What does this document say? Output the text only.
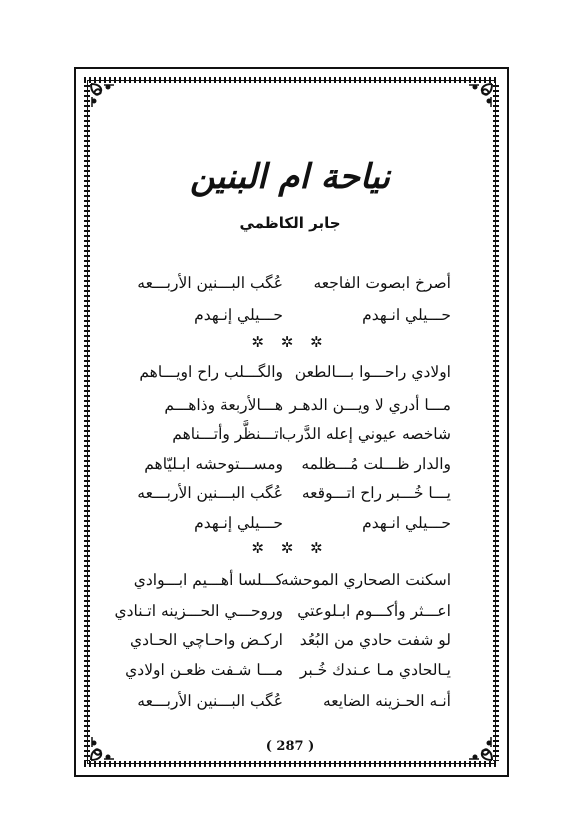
نياحة ام البنين
جابر الكاظمي
أصرخ ابصوت الفاجعه
عُگب البـــنين الأربـــعه
حـــيلي انـهدم
حـــيلي إنـهدم
✲ ✲ ✲
اولادي راحـــوا بـــالطعن
والگـــلب راح اويـــاهم
مـــا أدري لا ويـــن الدهـر
هـــالأربعة وذاهـــم
شاخصه عيوني إعله الدَّرب
اتـــنظَّر وأتـــناهم
والدار ظـــلت مُـــظلمه
ومســـتوحشه ابـليّاهم
يـــا خُـــبر راح اتـــوقعه
عُگب البـــنين الأربـــعه
حـــيلي انـهدم
حـــيلي إنـهدم
✲ ✲ ✲
اسكنت الصحاري الموحشه
كـــلسا أهـــيم ابـــوادي
اعـــثر وأكـــوم ابـلوعتي
وروحـــي الحـــزينه اتـنادي
لو شفت حادي من البُعُد
اركـض واحـاچي الحـادي
يـالحادي مـا عـندك خُـبر
مـــا شـفت ظعـن اولادي
أنـه الحـزينه الضايعه
عُگب البـــنين الأربـــعه
( 287 )
